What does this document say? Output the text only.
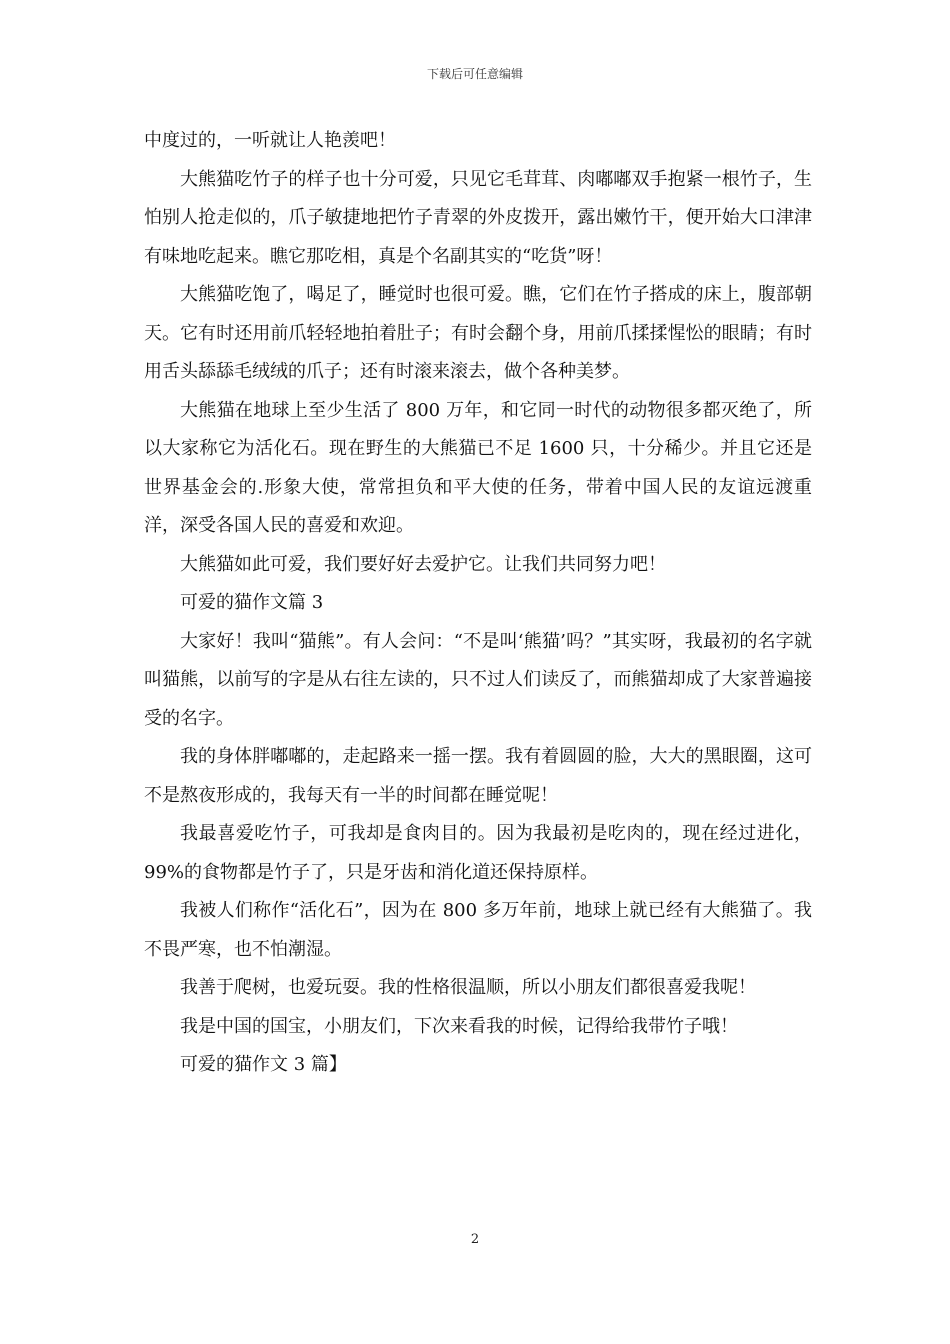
下载后可任意编辑

中度过的，一听就让人艳羡吧！

大熊猫吃竹子的样子也十分可爱，只见它毛茸茸、肉嘟嘟双手抱紧一根竹子，生怕别人抢走似的，爪子敏捷地把竹子青翠的外皮拨开，露出嫩竹干，便开始大口津津有味地吃起来。瞧它那吃相，真是个名副其实的“吃货”呀！

大熊猫吃饱了，喝足了，睡觉时也很可爱。瞧，它们在竹子搭成的床上，腹部朝天。它有时还用前爪轻轻地拍着肚子；有时会翻个身，用前爪揉揉惺忪的眼睛；有时用舌头舔舔毛绒绒的爪子；还有时滚来滚去，做个各种美梦。

大熊猫在地球上至少生活了 800 万年，和它同一时代的动物很多都灭绝了，所以大家称它为活化石。现在野生的大熊猫已不足 1600 只，十分稀少。并且它还是世界基金会的.形象大使，常常担负和平大使的任务，带着中国人民的友谊远渡重洋，深受各国人民的喜爱和欢迎。

大熊猫如此可爱，我们要好好去爱护它。让我们共同努力吧！

可爱的猫作文篇 3

大家好！我叫“猫熊”。有人会问：“不是叫‘熊猫’吗？”其实呀，我最初的名字就叫猫熊，以前写的字是从右往左读的，只不过人们读反了，而熊猫却成了大家普遍接受的名字。

我的身体胖嘟嘟的，走起路来一摇一摆。我有着圆圆的脸，大大的黑眼圈，这可不是熬夜形成的，我每天有一半的时间都在睡觉呢！

我最喜爱吃竹子，可我却是食肉目的。因为我最初是吃肉的，现在经过进化，99%的食物都是竹子了，只是牙齿和消化道还保持原样。

我被人们称作“活化石”，因为在 800 多万年前，地球上就已经有大熊猫了。我不畏严寒，也不怕潮湿。

我善于爬树，也爱玩耍。我的性格很温顺，所以小朋友们都很喜爱我呢！

我是中国的国宝，小朋友们，下次来看我的时候，记得给我带竹子哦！

可爱的猫作文 3 篇】

2
